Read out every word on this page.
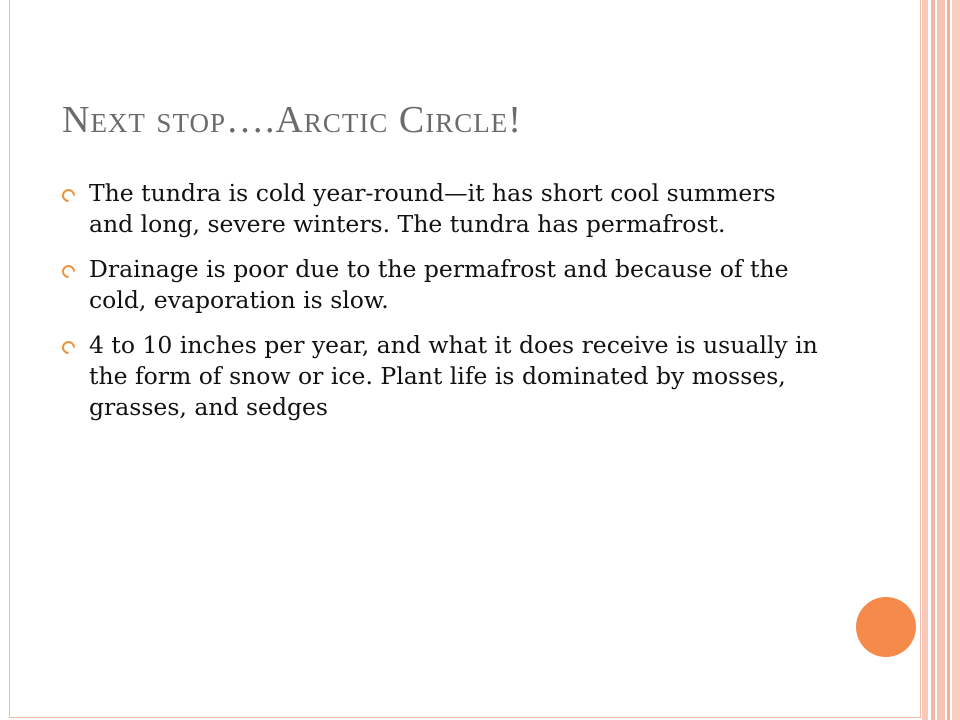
Next stop….Arctic Circle!
The tundra is cold year-round—it has short cool summers and long, severe winters. The tundra has permafrost.
Drainage is poor due to the permafrost and because of the cold, evaporation is slow.
4 to 10 inches per year, and what it does receive is usually in the form of snow or ice. Plant life is dominated by mosses, grasses, and sedges
